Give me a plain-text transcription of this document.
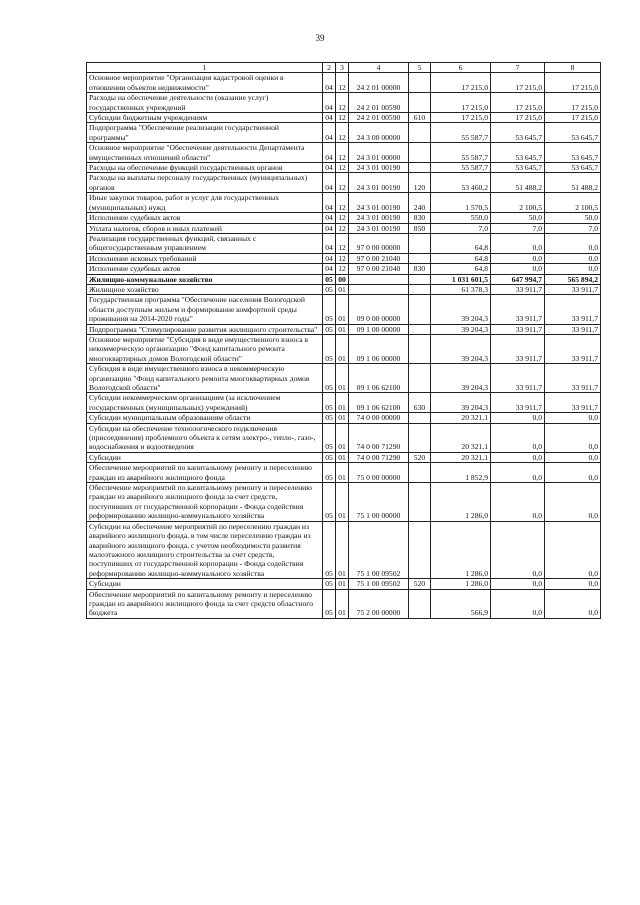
39
1	2	3	4	5	6	7	8
Основное мероприятие "Организация кадастровой оценки в отношении объектов недвижимости"	04	12	24 2 01 00000		17 215,0	17 215,0	17 215,0
Расходы на обеспечение деятельности (оказание услуг) государственных учреждений	04	12	24 2 01 00590		17 215,0	17 215,0	17 215,0
Субсидии бюджетным учреждениям	04	12	24 2 01 00590	610	17 215,0	17 215,0	17 215,0
Подпрограмма "Обеспечение реализации государственной программы"	04	12	24 3 00 00000		55 587,7	53 645,7	53 645,7
Основное мероприятие "Обеспечение деятельности Департамента имущественных отношений области"	04	12	24 3 01 00000		55 587,7	53 645,7	53 645,7
Расходы на обеспечение функций государственных органов	04	12	24 3 01 00190		55 587,7	53 645,7	53 645,7
Расходы на выплаты персоналу государственных (муниципальных) органов	04	12	24 3 01 00190	120	53 460,2	51 488,2	51 488,2
Иные закупки товаров, работ и услуг для государственных (муниципальных) нужд	04	12	24 3 01 00190	240	1 570,5	2 100,5	2 100,5
Исполнение судебных актов	04	12	24 3 01 00190	830	550,0	50,0	50,0
Уплата налогов, сборов и иных платежей	04	12	24 3 01 00190	850	7,0	7,0	7,0
Реализация государственных функций, связанных с общегосударственным управлением	04	12	97 0 00 00000		64,8	0,0	0,0
Исполнение исковых требований	04	12	97 0 00 21040		64,8	0,0	0,0
Исполнение судебных актов	04	12	97 0 00 21040	830	64,8	0,0	0,0
Жилищно-коммунальное хозяйство	05	00			1 031 601,5	647 994,7	565 894,2
Жилищное хозяйство	05	01			61 378,3	33 911,7	33 911,7
Государственная программа "Обеспечение населения Вологодской области доступным жильем и формирование комфортной среды проживания на 2014-2020 годы"	05	01	09 0 00 00000		39 204,3	33 911,7	33 911,7
Подпрограмма "Стимулирование развития жилищного строительства"	05	01	09 1 00 00000		39 204,3	33 911,7	33 911,7
Основное мероприятие "Субсидия в виде имущественного взноса в некоммерческую организацию "Фонд капитального ремонта многоквартирных домов Вологодской области"	05	01	09 1 06 00000		39 204,3	33 911,7	33 911,7
Субсидия в виде имущественного взноса в некоммерческую организацию "Фонд капитального ремонта многоквартирных домов Вологодской области"	05	01	09 1 06 62100		39 204,3	33 911,7	33 911,7
Субсидии некоммерческим организациям (за исключением государственных (муниципальных) учреждений)	05	01	09 1 06 62100	630	39 204,3	33 911,7	33 911,7
Субсидии муниципальным образованиям области	05	01	74 0 00 00000		20 321,1	0,0	0,0
Субсидии на обеспечение технологического подключения (присоединения) проблемного объекта к сетям электро-, тепло-, газо-, водоснабжения и водоотведения	05	01	74 0 00 71290		20 321,1	0,0	0,0
Субсидии	05	01	74 0 00 71290	520	20 321,1	0,0	0,0
Обеспечение мероприятий по капитальному ремонту и переселению граждан из аварийного жилищного фонда	05	01	75 0 00 00000		1 852,9	0,0	0,0
Обеспечение мероприятий по капитальному ремонту и переселению граждан из аварийного жилищного фонда за счет средств, поступивших от государственной корпорации - Фонда содействия реформированию жилищно-коммунального хозяйства	05	01	75 1 00 00000		1 286,0	0,0	0,0
Субсидии на обеспечение мероприятий по переселению граждан из аварийного жилищного фонда, в том числе переселению граждан из аварийного жилищного фонда, с учетом необходимости развития малоэтажного жилищного строительства за счет средств, поступивших от государственной корпорации - Фонда содействия реформированию жилищно-коммунального хозяйства	05	01	75 1 00 09502		1 286,0	0,0	0,0
Субсидии	05	01	75 1 00 09502	520	1 286,0	0,0	0,0
Обеспечение мероприятий по капитальному ремонту и переселению граждан из аварийного жилищного фонда за счет средств областного бюджета	05	01	75 2 00 00000		566,9	0,0	0,0
